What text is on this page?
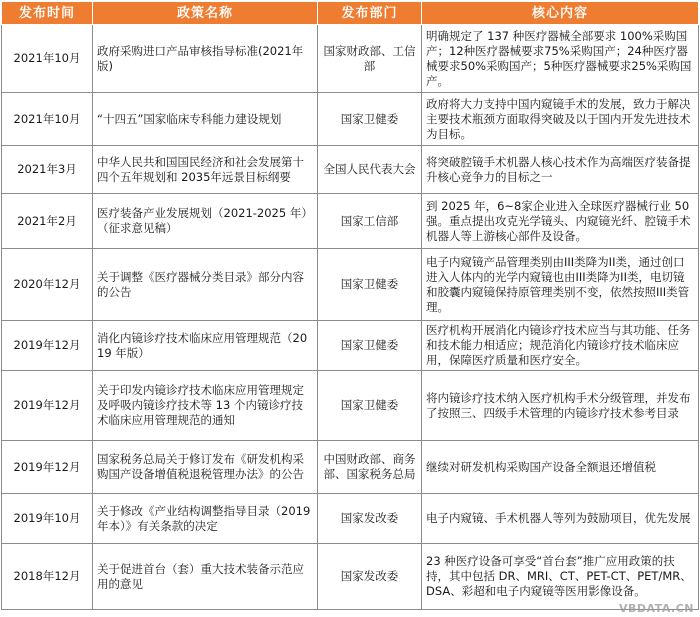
发布时间	政策名称	发布部门	核心内容
2021年10月	政府采购进口产品审核指导标准(2021年版)	国家财政部、工信部	明确规定了 137 种医疗器械全部要求 100%采购国产；12种医疗器械要求75%采购国产；24种医疗器械要求50%采购国产；5种医疗器械要求25%采购国产。
2021年10月	“十四五”国家临床专科能力建设规划	国家卫健委	政府将大力支持中国内窥镜手术的发展，致力于解决主要技术瓶颈方面取得突破及以于国内开发先进技术为目标。
2021年3月	中华人民共和国国民经济和社会发展第十四个五年规划和 2035年远景目标纲要	全国人民代表大会	将突破腔镜手术机器人核心技术作为高端医疗装备提升核心竞争力的目标之一
2021年2月	医疗装备产业发展规划（2021-2025 年）（征求意见稿）	国家工信部	到 2025 年，6~8家企业进入全球医疗器械行业 50 强。重点提出攻克光学镜头、内窥镜光纤、腔镜手术机器人等上游核心部件及设备。
2020年12月	关于调整《医疗器械分类目录》部分内容的公告	国家卫健委	电子内窥镜产品管理类别由III类降为II类，通过创口进入人体内的光学内窥镜也由III类降为II类，电切镜和胶囊内窥镜保持原管理类别不变，依然按照III类管理。
2019年12月	消化内镜诊疗技术临床应用管理规范（2019 年版）	国家卫健委	医疗机构开展消化内镜诊疗技术应当与其功能、任务和技术能力相适应；规范消化内镜诊疗技术临床应用，保障医疗质量和医疗安全。
2019年12月	关于印发内镜诊疗技术临床应用管理规定及呼吸内镜诊疗技术等 13 个内镜诊疗技术临床应用管理规范的通知	国家卫健委	将内镜诊疗技术纳入医疗机构手术分级管理，并发布了按照三、四级手术管理的内镜诊疗技术参考目录
2019年12月	国家税务总局关于修订发布《研发机构采购国产设备增值税退税管理办法》的公告	中国财政部、商务部、国家税务总局	继续对研发机构采购国产设备全额退还增值税
2019年10月	关于修改《产业结构调整指导目录（2019 年本）》有关条款的决定	国家发改委	电子内窥镜、手术机器人等列为鼓励项目，优先发展
2018年12月	关于促进首台（套）重大技术装备示范应用的意见	国家发改委	23 种医疗设备可享受“首台套”推广应用政策的扶持，其中包括 DR、MRI、CT、PET-CT、PET/MR、DSA、彩超和电子内窥镜等医用影像设备。
VBDATA.CN
